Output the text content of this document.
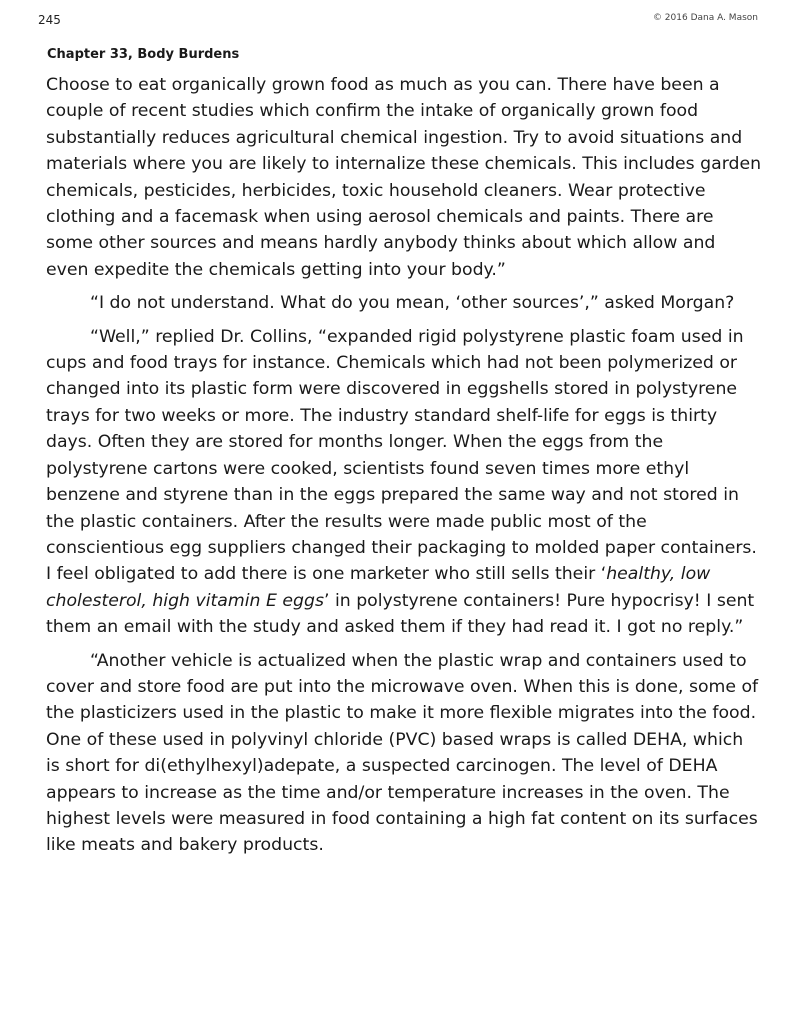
245	© 2016 Dana A. Mason
Chapter 33, Body Burdens

Choose to eat organically grown food as much as you can. There have been a couple of recent studies which confirm the intake of organically grown food substantially reduces agricultural chemical ingestion. Try to avoid situations and materials where you are likely to internalize these chemicals. This includes garden chemicals, pesticides, herbicides, toxic household cleaners. Wear protective clothing and a facemask when using aerosol chemicals and paints. There are some other sources and means hardly anybody thinks about which allow and even expedite the chemicals getting into your body.”

“I do not understand. What do you mean, ‘other sources’,” asked Morgan?

“Well,” replied Dr. Collins, “expanded rigid polystyrene plastic foam used in cups and food trays for instance. Chemicals which had not been polymerized or changed into its plastic form were discovered in eggshells stored in polystyrene trays for two weeks or more. The industry standard shelf-life for eggs is thirty days. Often they are stored for months longer. When the eggs from the polystyrene cartons were cooked, scientists found seven times more ethyl benzene and styrene than in the eggs prepared the same way and not stored in the plastic containers. After the results were made public most of the conscientious egg suppliers changed their packaging to molded paper containers. I feel obligated to add there is one marketer who still sells their ‘healthy, low cholesterol, high vitamin E eggs’ in polystyrene containers! Pure hypocrisy! I sent them an email with the study and asked them if they had read it. I got no reply.”

“Another vehicle is actualized when the plastic wrap and containers used to cover and store food are put into the microwave oven. When this is done, some of the plasticizers used in the plastic to make it more flexible migrates into the food. One of these used in polyvinyl chloride (PVC) based wraps is called DEHA, which is short for di(ethylhexyl)adepate, a suspected carcinogen. The level of DEHA appears to increase as the time and/or temperature increases in the oven. The highest levels were measured in food containing a high fat content on its surfaces like meats and bakery products.
